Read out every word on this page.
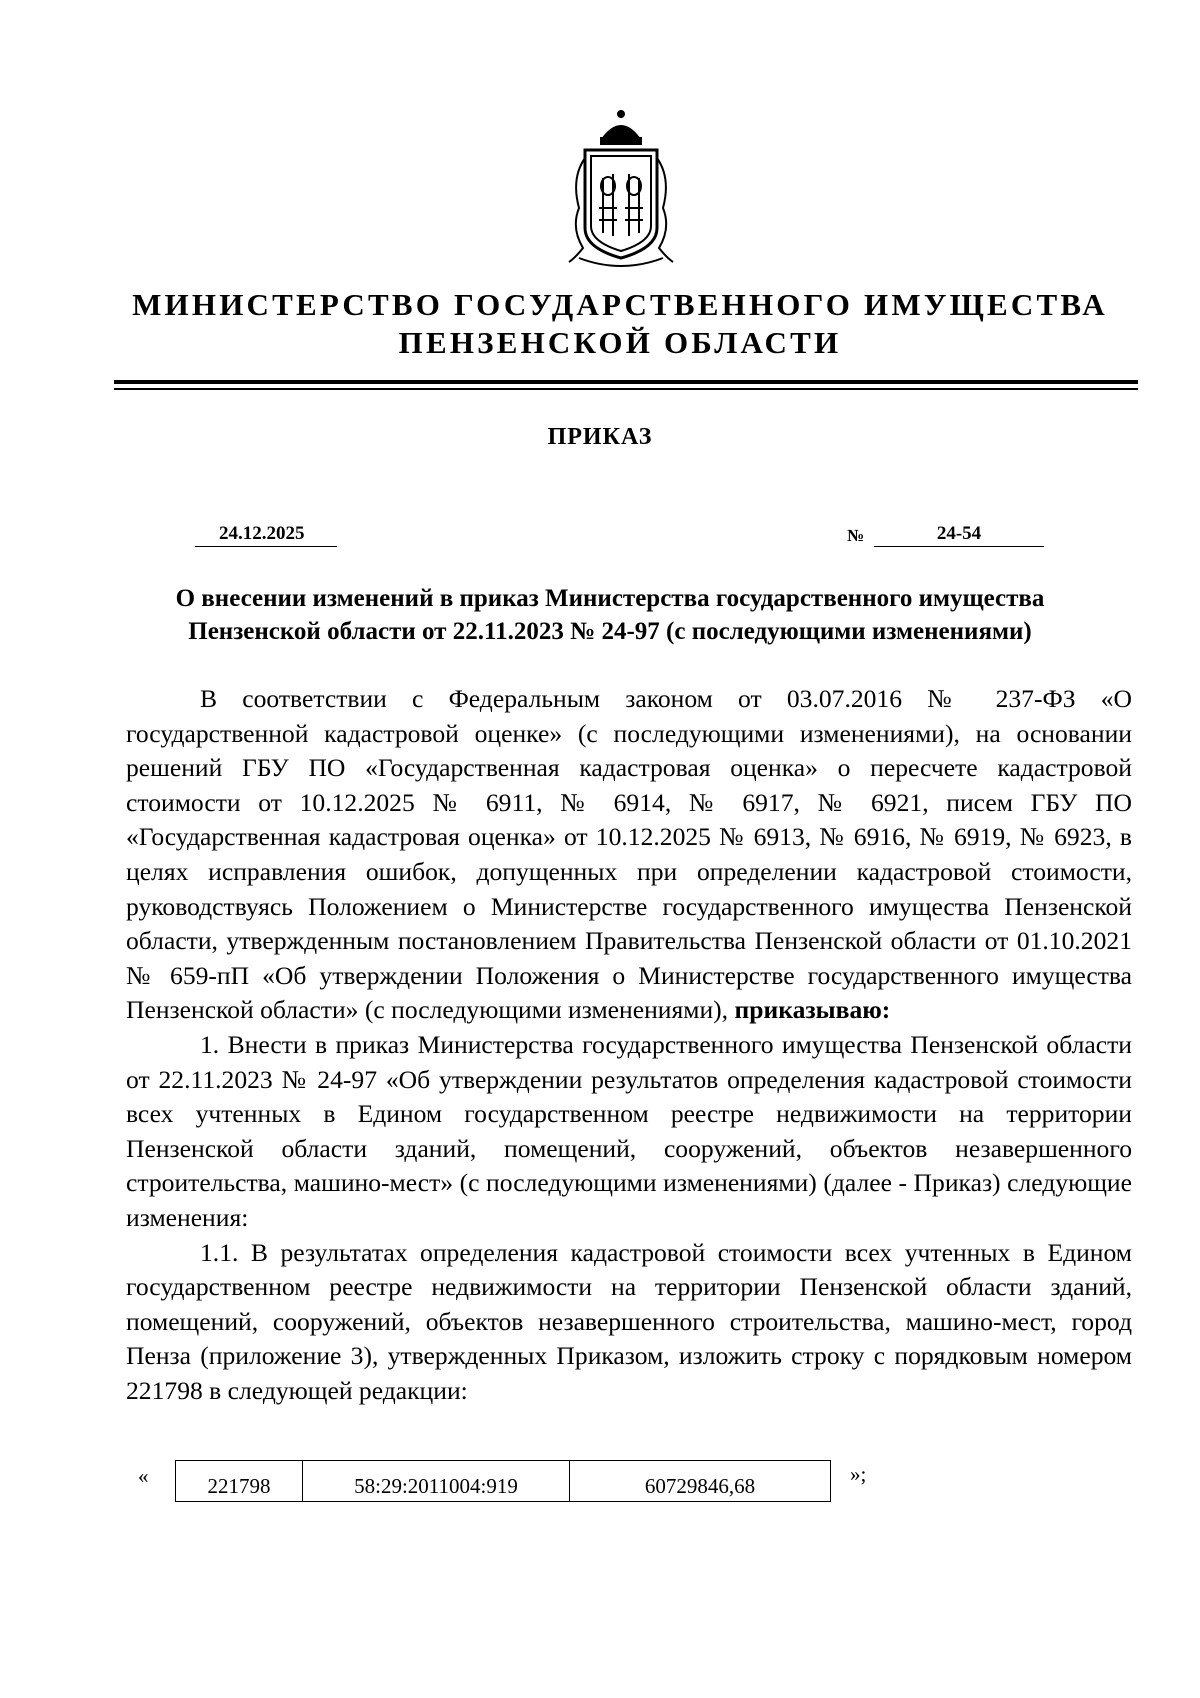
МИНИСТЕРСТВО ГОСУДАРСТВЕННОГО ИМУЩЕСТВА
ПЕНЗЕНСКОЙ ОБЛАСТИ
ПРИКАЗ
24.12.2025	№	24-54
О внесении изменений в приказ Министерства государственного имущества
Пензенской области от 22.11.2023 № 24-97 (с последующими изменениями)

В соответствии с Федеральным законом от 03.07.2016 № 237-ФЗ «О государственной кадастровой оценке» (с последующими изменениями), на основании решений ГБУ ПО «Государственная кадастровая оценка» о пересчете кадастровой стоимости от 10.12.2025 № 6911, № 6914, № 6917, № 6921, писем ГБУ ПО «Государственная кадастровая оценка» от 10.12.2025 № 6913, № 6916, № 6919, № 6923, в целях исправления ошибок, допущенных при определении кадастровой стоимости, руководствуясь Положением о Министерстве государственного имущества Пензенской области, утвержденным постановлением Правительства Пензенской области от 01.10.2021 № 659-пП «Об утверждении Положения о Министерстве государственного имущества Пензенской области» (с последующими изменениями), приказываю:

1. Внести в приказ Министерства государственного имущества Пензенской области от 22.11.2023 № 24-97 «Об утверждении результатов определения кадастровой стоимости всех учтенных в Едином государственном реестре недвижимости на территории Пензенской области зданий, помещений, сооружений, объектов незавершенного строительства, машино-мест» (с последующими изменениями) (далее - Приказ) следующие изменения:

1.1. В результатах определения кадастровой стоимости всех учтенных в Едином государственном реестре недвижимости на территории Пензенской области зданий, помещений, сооружений, объектов незавершенного строительства, машино-мест, город Пенза (приложение 3), утвержденных Приказом, изложить строку с порядковым номером 221798 в следующей редакции:

«	221798	58:29:2011004:919	60729846,68	»;
